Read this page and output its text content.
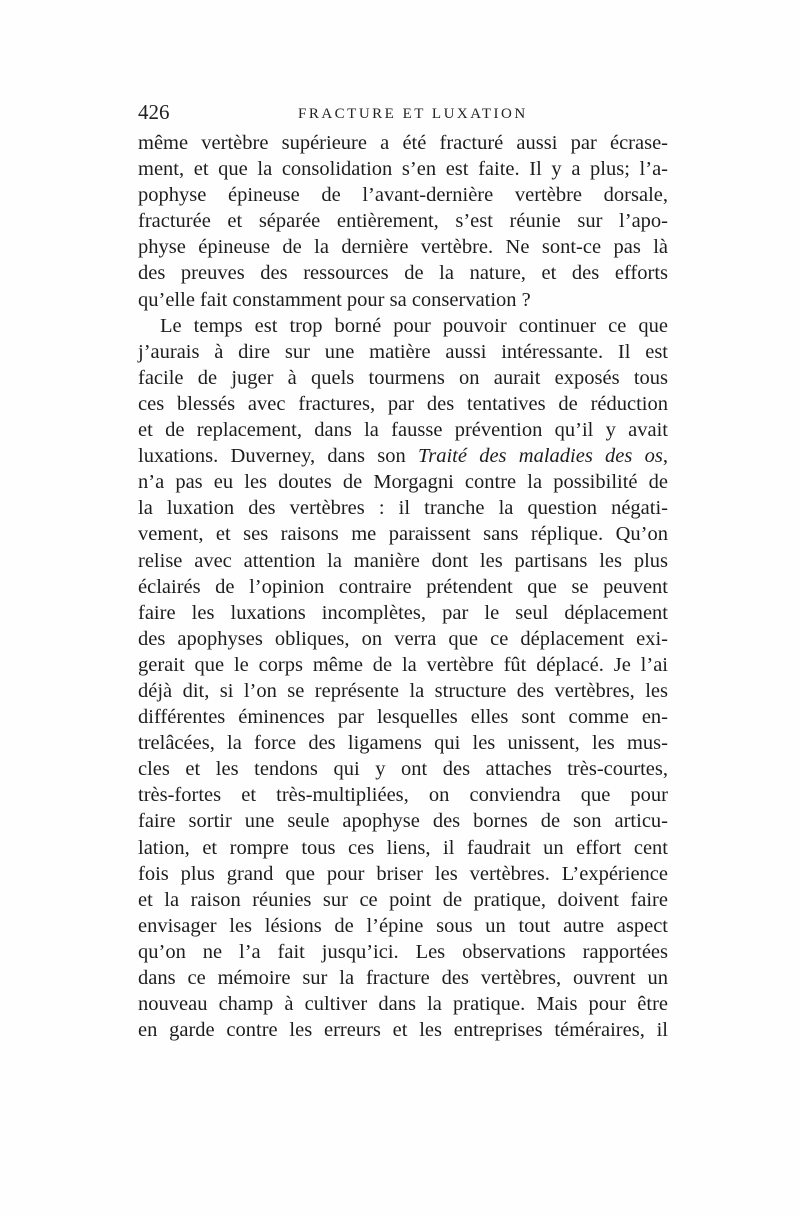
426	FRACTURE ET LUXATION
même vertèbre supérieure a été fracturé aussi par écrase-
ment, et que la consolidation s’en est faite. Il y a plus; l’a-
pophyse épineuse de l’avant-dernière vertèbre dorsale,
fracturée et séparée entièrement, s’est réunie sur l’apo-
physe épineuse de la dernière vertèbre. Ne sont-ce pas là
des preuves des ressources de la nature, et des efforts
qu’elle fait constamment pour sa conservation ?
Le temps est trop borné pour pouvoir continuer ce que
j’aurais à dire sur une matière aussi intéressante. Il est
facile de juger à quels tourmens on aurait exposés tous
ces blessés avec fractures, par des tentatives de réduction
et de replacement, dans la fausse prévention qu’il y avait
luxations. Duverney, dans son Traité des maladies des os,
n’a pas eu les doutes de Morgagni contre la possibilité de
la luxation des vertèbres : il tranche la question négati-
vement, et ses raisons me paraissent sans réplique. Qu’on
relise avec attention la manière dont les partisans les plus
éclairés de l’opinion contraire prétendent que se peuvent
faire les luxations incomplètes, par le seul déplacement
des apophyses obliques, on verra que ce déplacement exi-
gerait que le corps même de la vertèbre fût déplacé. Je l’ai
déjà dit, si l’on se représente la structure des vertèbres, les
différentes éminences par lesquelles elles sont comme en-
trelâcées, la force des ligamens qui les unissent, les mus-
cles et les tendons qui y ont des attaches très-courtes,
très-fortes et très-multipliées, on conviendra que pour
faire sortir une seule apophyse des bornes de son articu-
lation, et rompre tous ces liens, il faudrait un effort cent
fois plus grand que pour briser les vertèbres. L’expérience
et la raison réunies sur ce point de pratique, doivent faire
envisager les lésions de l’épine sous un tout autre aspect
qu’on ne l’a fait jusqu’ici. Les observations rapportées
dans ce mémoire sur la fracture des vertèbres, ouvrent un
nouveau champ à cultiver dans la pratique. Mais pour être
en garde contre les erreurs et les entreprises téméraires, il
